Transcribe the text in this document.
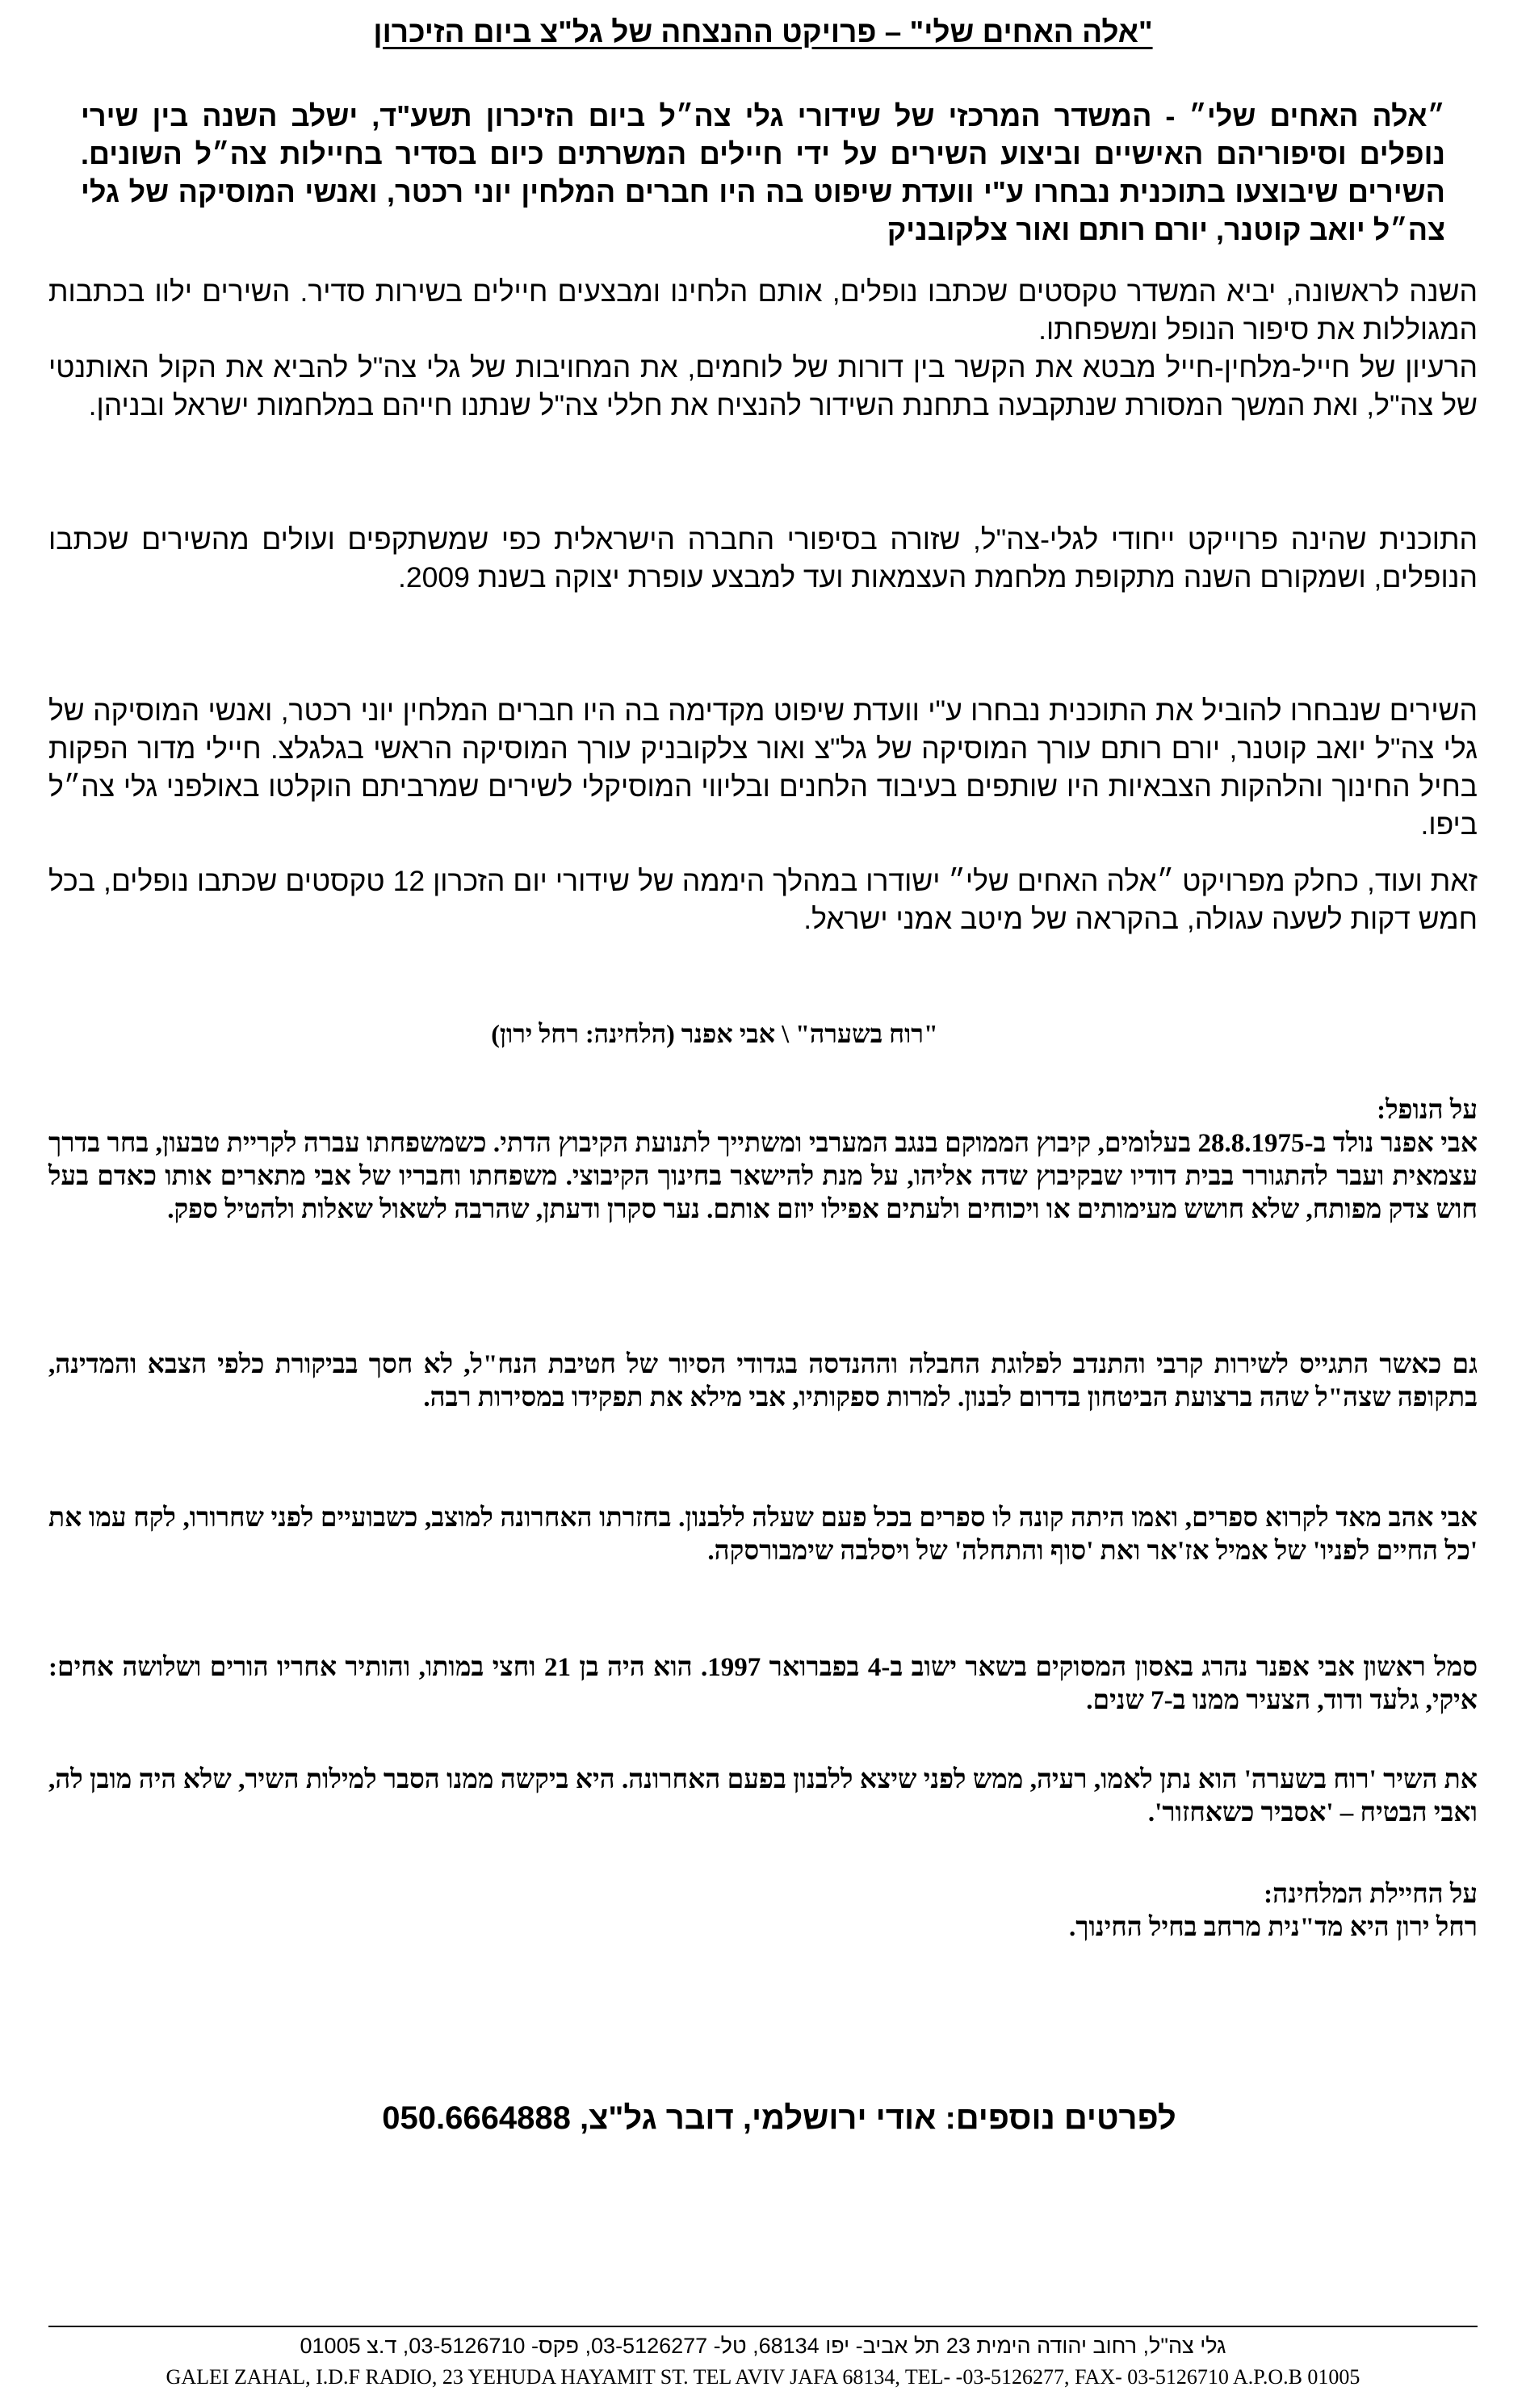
"אלה האחים שלי" – פרויקט ההנצחה של גל"צ ביום הזיכרון

״אלה האחים שלי״ - המשדר המרכזי של שידורי גלי צה״ל ביום הזיכרון תשע"ד, ישלב השנה בין שירי נופלים וסיפוריהם האישיים וביצוע השירים על ידי חיילים המשרתים כיום בסדיר בחיילות צה״ל השונים. השירים שיבוצעו בתוכנית נבחרו ע"י וועדת שיפוט בה היו חברים המלחין יוני רכטר, ואנשי המוסיקה של גלי צה״ל יואב קוטנר, יורם רותם ואור צלקובניק

השנה לראשונה, יביא המשדר טקסטים שכתבו נופלים, אותם הלחינו ומבצעים חיילים בשירות סדיר. השירים ילוו בכתבות המגוללות את סיפור הנופל ומשפחתו.

הרעיון של חייל-מלחין-חייל מבטא את הקשר בין דורות של לוחמים, את המחויבות של גלי צה"ל להביא את הקול האותנטי של צה"ל, ואת המשך המסורת שנתקבעה בתחנת השידור להנציח את חללי צה"ל שנתנו חייהם במלחמות ישראל ובניהן.

התוכנית שהינה פרוייקט ייחודי לגלי-צה"ל, שזורה בסיפורי החברה הישראלית כפי שמשתקפים ועולים מהשירים שכתבו הנופלים, ושמקורם השנה מתקופת מלחמת העצמאות ועד למבצע עופרת יצוקה בשנת 2009.

השירים שנבחרו להוביל את התוכנית נבחרו ע"י וועדת שיפוט מקדימה בה היו חברים המלחין יוני רכטר, ואנשי המוסיקה של גלי צה"ל יואב קוטנר, יורם רותם עורך המוסיקה של גל"צ ואור צלקובניק עורך המוסיקה הראשי בגלגלצ. חיילי מדור הפקות בחיל החינוך והלהקות הצבאיות היו שותפים בעיבוד הלחנים ובליווי המוסיקלי לשירים שמרביתם הוקלטו באולפני גלי צה״ל ביפו.

זאת ועוד, כחלק מפרויקט ״אלה האחים שלי״ ישודרו במהלך היממה של שידורי יום הזכרון 12 טקסטים שכתבו נופלים, בכל חמש דקות לשעה עגולה, בהקראה של מיטב אמני ישראל.

"רוח בשערה" \ אבי אפנר (הלחינה: רחל ירון)

על הנופל:

אבי אפנר נולד ב-28.8.1975 בעלומים, קיבוץ הממוקם בנגב המערבי ומשתייך לתנועת הקיבוץ הדתי. כשמשפחתו עברה לקריית טבעון, בחר בדרך עצמאית ועבר להתגורר בבית דודיו שבקיבוץ שדה אליהו, על מנת להישאר בחינוך הקיבוצי. משפחתו וחבריו של אבי מתארים אותו כאדם בעל חוש צדק מפותח, שלא חושש מעימותים או ויכוחים ולעתים אפילו יוזם אותם. נער סקרן ודעתן, שהרבה לשאול שאלות ולהטיל ספק.

גם כאשר התגייס לשירות קרבי והתנדב לפלוגת החבלה וההנדסה בגדודי הסיור של חטיבת הנח"ל, לא חסך בביקורת כלפי הצבא והמדינה, בתקופה שצה"ל שהה ברצועת הביטחון בדרום לבנון. למרות ספקותיו, אבי מילא את תפקידו במסירות רבה.

אבי אהב מאד לקרוא ספרים, ואמו היתה קונה לו ספרים בכל פעם שעלה ללבנון. בחזרתו האחרונה למוצב, כשבועיים לפני שחרורו, לקח עמו את 'כל החיים לפניו' של אמיל אז'אר ואת 'סוף והתחלה' של ויסלבה שימבורסקה.

סמל ראשון אבי אפנר נהרג באסון המסוקים בשאר ישוב ב-4 בפברואר 1997. הוא היה בן 21 וחצי במותו, והותיר אחריו הורים ושלושה אחים: איקי, גלעד ודוד, הצעיר ממנו ב-7 שנים.

את השיר 'רוח בשערה' הוא נתן לאמו, רעיה, ממש לפני שיצא ללבנון בפעם האחרונה. היא ביקשה ממנו הסבר למילות השיר, שלא היה מובן לה, ואבי הבטיח – 'אסביר כשאחזור'.

על החיילת המלחינה:

רחל ירון היא מד"נית מרחב בחיל החינוך.

לפרטים נוספים: אודי ירושלמי, דובר גל"צ, 050.6664888

גלי צה"ל, רחוב יהודה הימית 23 תל אביב- יפו 68134, טל- 03-5126277, פקס- 03-5126710, ד.צ 01005

GALEI ZAHAL, I.D.F RADIO, 23 YEHUDA HAYAMIT ST. TEL AVIV JAFA 68134, TEL- -03-5126277, FAX- 03-5126710 A.P.O.B 01005
